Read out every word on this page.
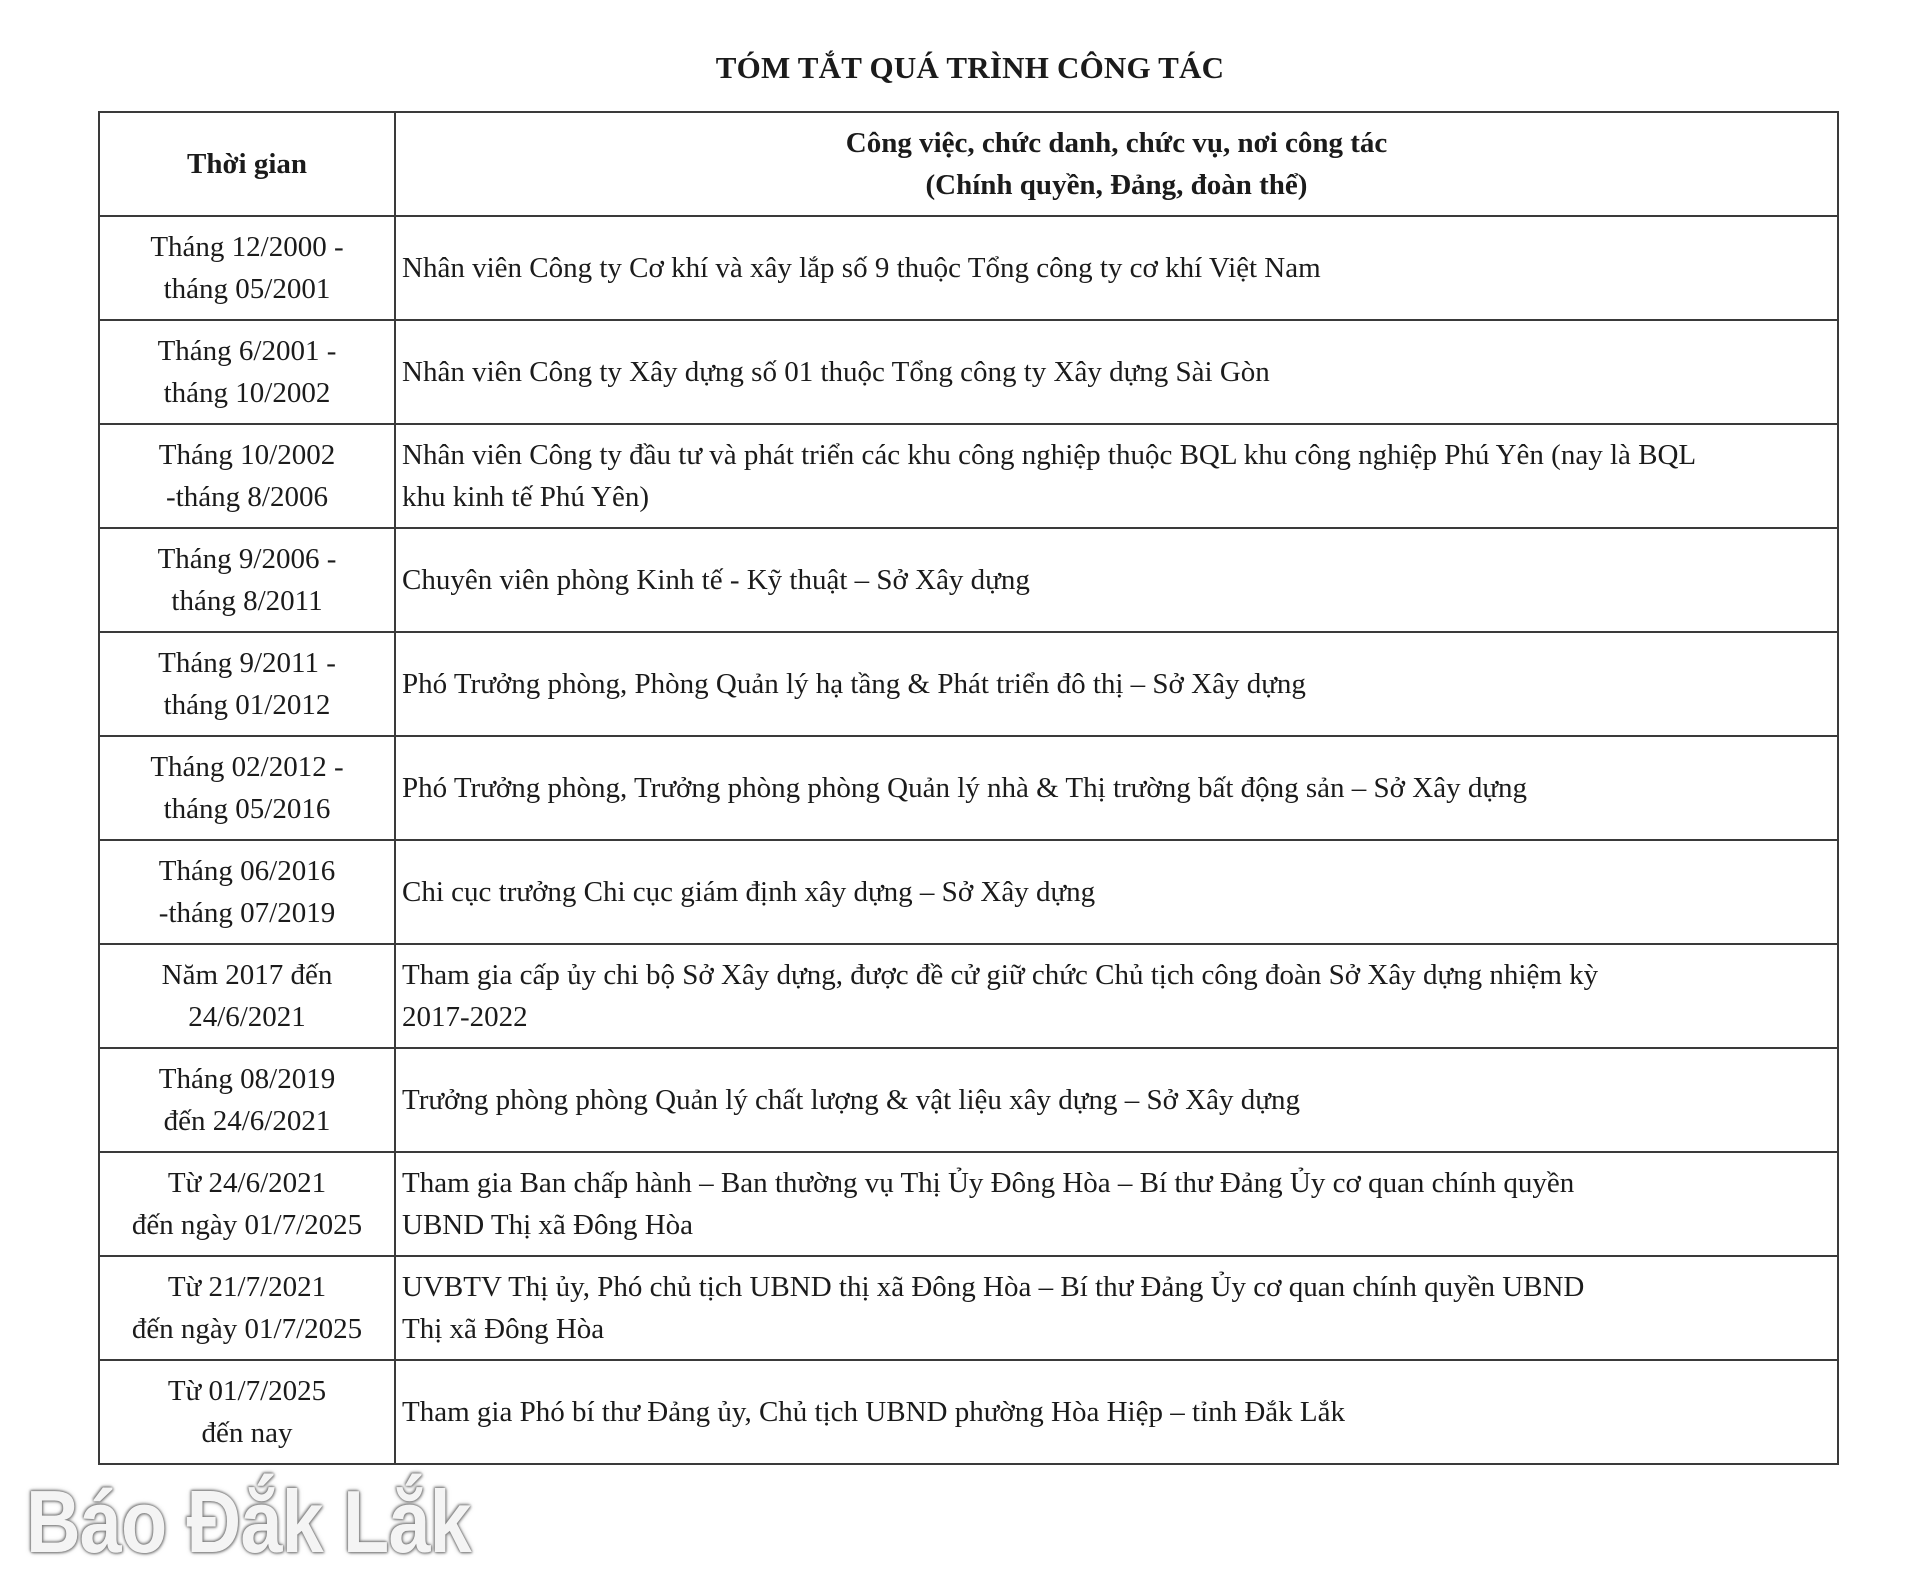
TÓM TẮT QUÁ TRÌNH CÔNG TÁC
Thời gian	Công việc, chức danh, chức vụ, nơi công tác
(Chính quyền, Đảng, đoàn thể)

Tháng 12/2000 -
tháng 05/2001	Nhân viên Công ty Cơ khí và xây lắp số 9 thuộc Tổng công ty cơ khí Việt Nam

Tháng 6/2001 -
tháng 10/2002	Nhân viên Công ty Xây dựng số 01 thuộc Tổng công ty Xây dựng Sài Gòn

Tháng 10/2002
-tháng 8/2006	Nhân viên Công ty đầu tư và phát triển các khu công nghiệp thuộc BQL khu công nghiệp Phú Yên (nay là BQL
khu kinh tế Phú Yên)

Tháng 9/2006 -
tháng 8/2011	Chuyên viên phòng Kinh tế - Kỹ thuật – Sở Xây dựng

Tháng 9/2011 -
tháng 01/2012	Phó Trưởng phòng, Phòng Quản lý hạ tầng & Phát triển đô thị – Sở Xây dựng

Tháng 02/2012 -
tháng 05/2016	Phó Trưởng phòng, Trưởng phòng phòng Quản lý nhà & Thị trường bất động sản – Sở Xây dựng

Tháng 06/2016
-tháng 07/2019	Chi cục trưởng Chi cục giám định xây dựng – Sở Xây dựng

Năm 2017 đến
24/6/2021	Tham gia cấp ủy chi bộ Sở Xây dựng, được đề cử giữ chức Chủ tịch công đoàn Sở Xây dựng nhiệm kỳ
2017-2022

Tháng 08/2019
đến 24/6/2021	Trưởng phòng phòng Quản lý chất lượng & vật liệu xây dựng – Sở Xây dựng

Từ 24/6/2021
đến ngày 01/7/2025	Tham gia Ban chấp hành – Ban thường vụ Thị Ủy Đông Hòa – Bí thư Đảng Ủy cơ quan chính quyền
UBND Thị xã Đông Hòa

Từ 21/7/2021
đến ngày 01/7/2025	UVBTV Thị ủy, Phó chủ tịch UBND thị xã Đông Hòa – Bí thư Đảng Ủy cơ quan chính quyền UBND
Thị xã Đông Hòa

Từ 01/7/2025
đến nay	Tham gia Phó bí thư Đảng ủy, Chủ tịch UBND phường Hòa Hiệp – tỉnh Đắk Lắk
Báo Đắk Lắk
